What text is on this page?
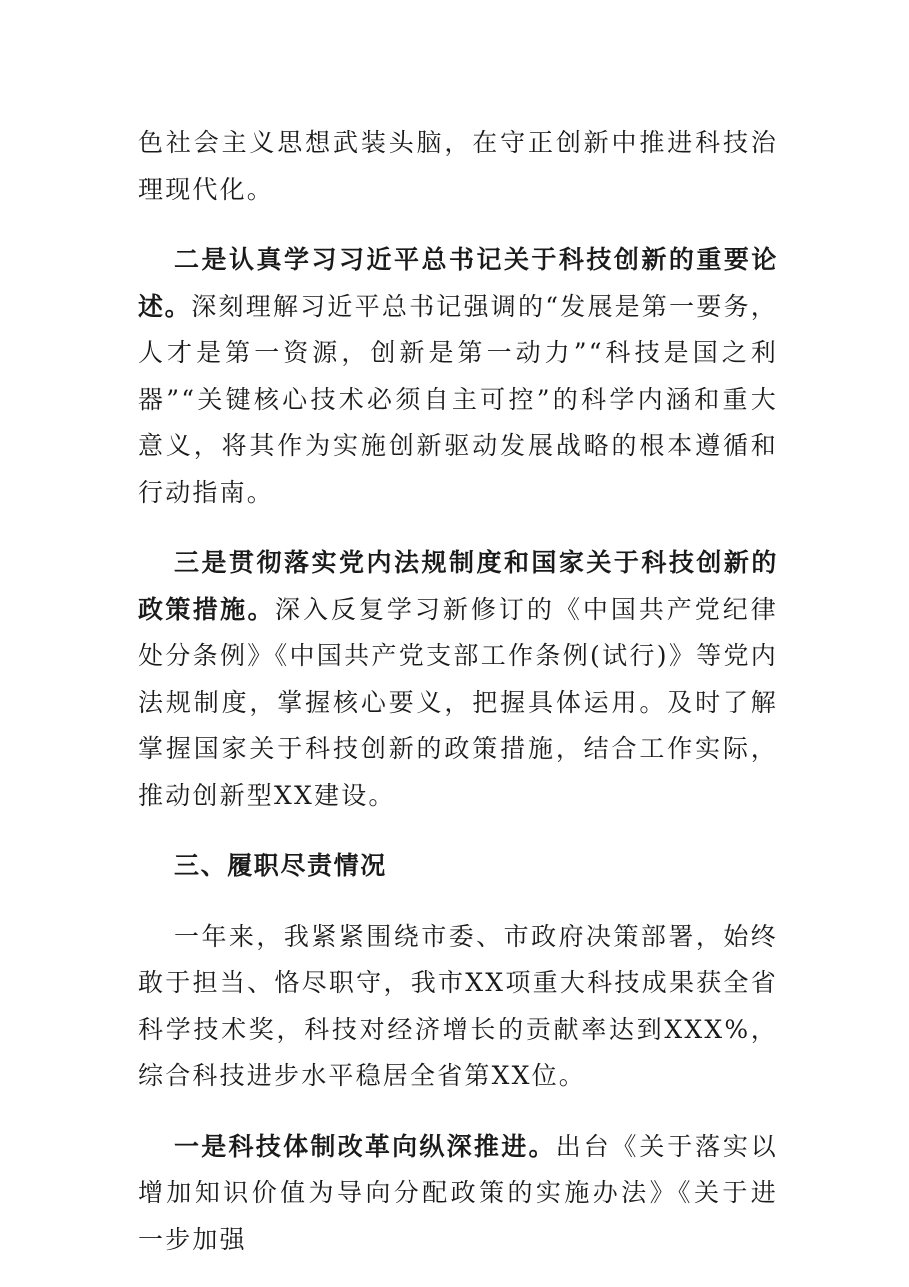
色社会主义思想武装头脑，在守正创新中推进科技治理现代化。

二是认真学习习近平总书记关于科技创新的重要论述。深刻理解习近平总书记强调的“发展是第一要务，人才是第一资源，创新是第一动力”“科技是国之利器”“关键核心技术必须自主可控”的科学内涵和重大意义，将其作为实施创新驱动发展战略的根本遵循和行动指南。

三是贯彻落实党内法规制度和国家关于科技创新的政策措施。深入反复学习新修订的《中国共产党纪律处分条例》《中国共产党支部工作条例(试行)》等党内法规制度，掌握核心要义，把握具体运用。及时了解掌握国家关于科技创新的政策措施，结合工作实际，推动创新型XX建设。

三、履职尽责情况

一年来，我紧紧围绕市委、市政府决策部署，始终敢于担当、恪尽职守，我市XX项重大科技成果获全省科学技术奖，科技对经济增长的贡献率达到XXX%，综合科技进步水平稳居全省第XX位。

一是科技体制改革向纵深推进。出台《关于落实以增加知识价值为导向分配政策的实施办法》《关于进一步加强
